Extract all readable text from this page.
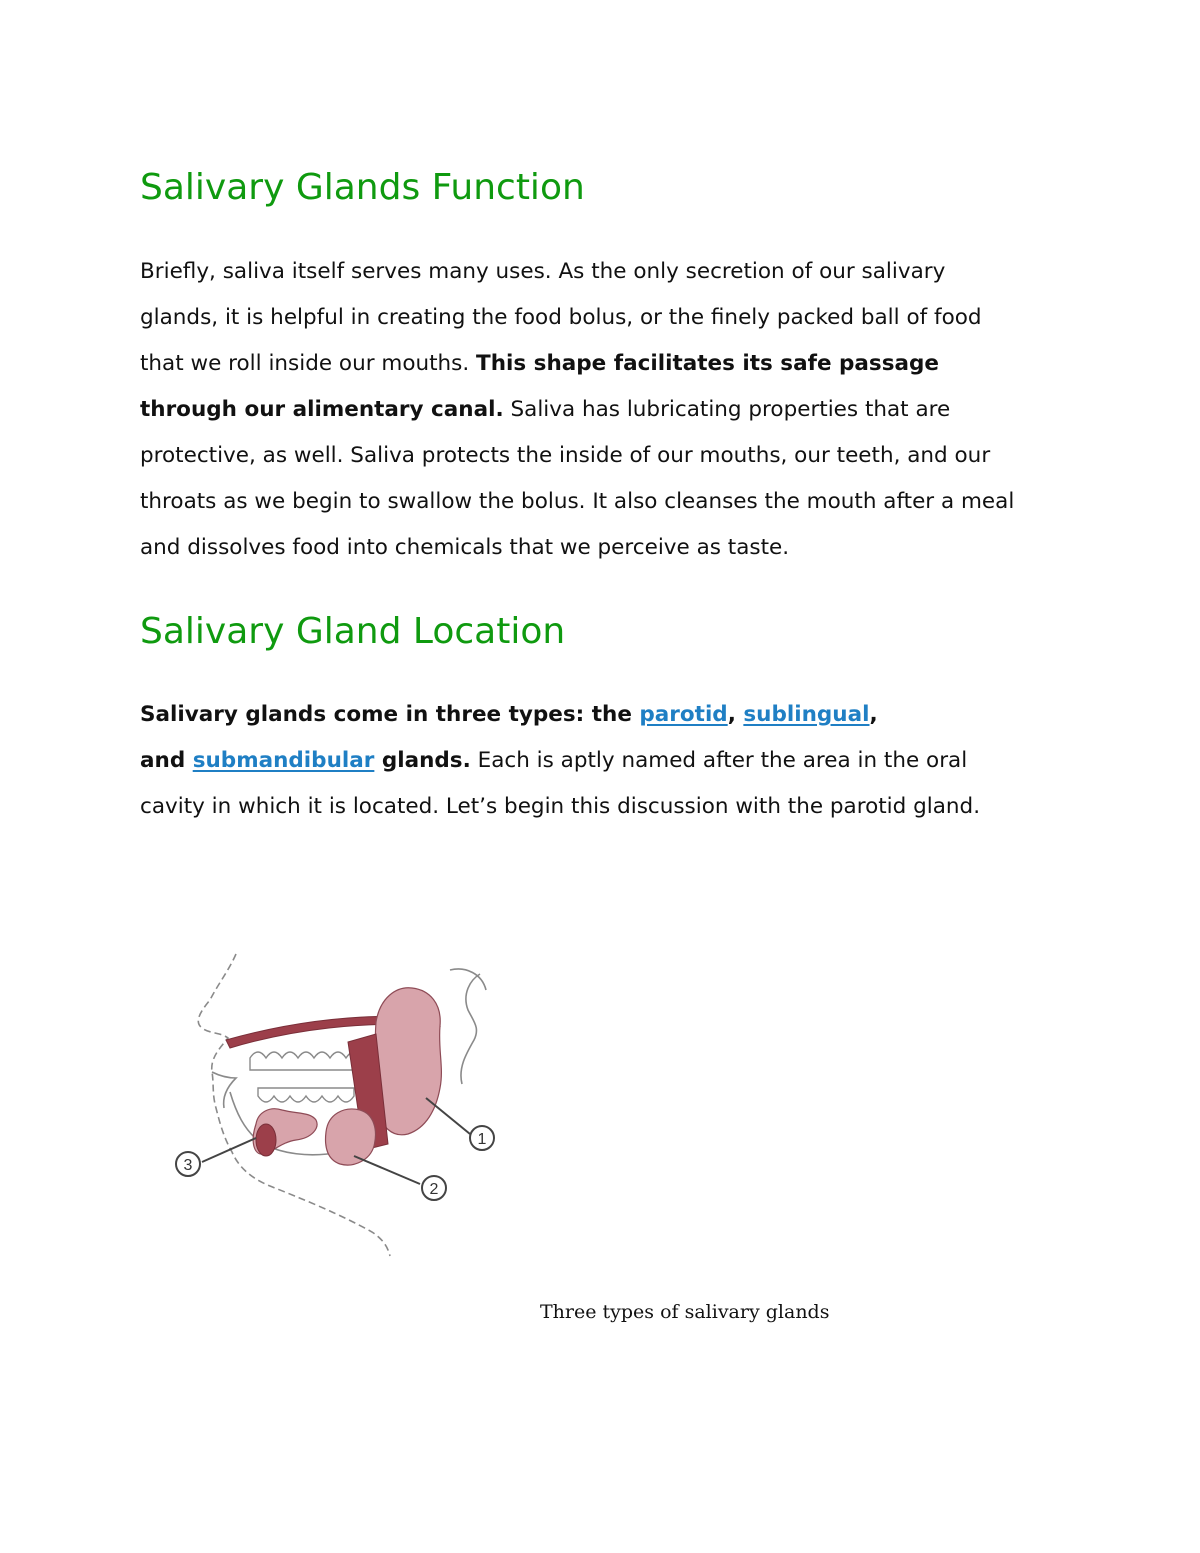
Salivary Glands Function

Briefly, saliva itself serves many uses. As the only secretion of our salivary
glands, it is helpful in creating the food bolus, or the finely packed ball of food
that we roll inside our mouths. This shape facilitates its safe passage
through our alimentary canal. Saliva has lubricating properties that are
protective, as well. Saliva protects the inside of our mouths, our teeth, and our
throats as we begin to swallow the bolus. It also cleanses the mouth after a meal
and dissolves food into chemicals that we perceive as taste.

Salivary Gland Location

Salivary glands come in three types: the parotid, sublingual,
and submandibular glands. Each is aptly named after the area in the oral
cavity in which it is located. Let’s begin this discussion with the parotid gland.

1
2
3
Three types of salivary glands
